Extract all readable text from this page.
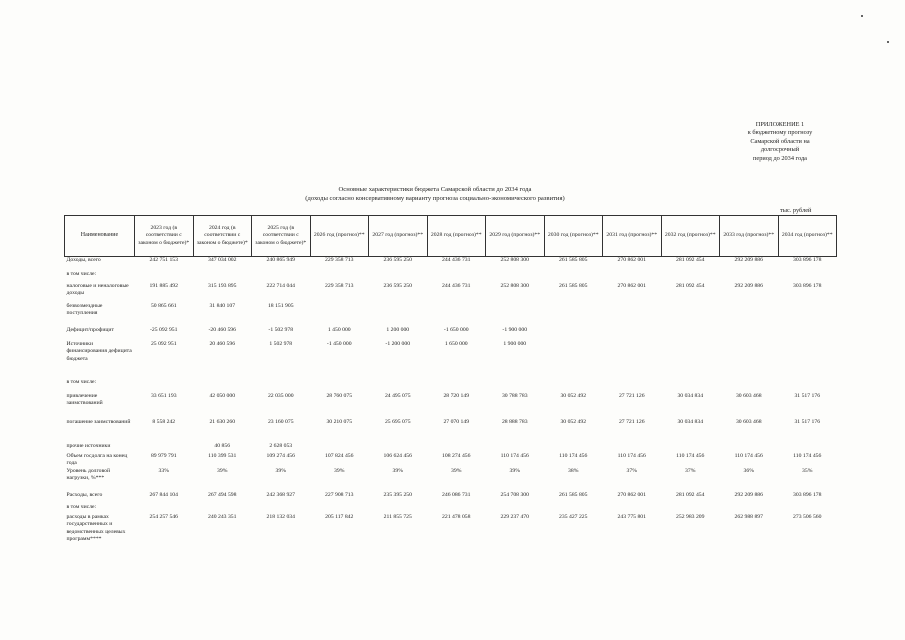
ПРИЛОЖЕНИЕ 1
к бюджетному прогнозу
Самарской области на
долгосрочный
период до 2034 года
Основные характеристики бюджета Самарской области до 2034 года
(доходы согласно консервативному варианту прогноза социально-экономического развития)
тыс. рублей
Наименование	2023 год (в соответствии с законом о бюджете)*	2024 год (в соответствии с законом о бюджете)*	2025 год (в соответствии с законом о бюджете)*	2026 год (прогноз)**	2027 год (прогноз)**	2028 год (прогноз)**	2029 год (прогноз)**	2030 год (прогноз)**	2031 год (прогноз)**	2032 год (прогноз)**	2033 год (прогноз)**	2034 год (прогноз)**
Доходы, всего	242 751 153	347 034 002	240 865 949	229 358 713	236 595 250	244 436 731	252 808 300	261 585 805	270 862 001	281 092 454	292 209 886	303 896 178
в том числе:												
налоговые и неналоговые доходы	191 885 492	315 193 895	222 714 044	229 358 713	236 595 250	244 436 731	252 808 300	261 585 805	270 862 001	281 092 454	292 209 886	303 896 178
безвозмездные поступления	50 865 661	31 840 107	18 151 905									
Дефицит/профицит	-25 092 951	-20 460 596	-1 502 978	1 450 000	1 200 000	-1 650 000	-1 900 000					
Источники финансирования дефицита бюджета	25 092 951	20 460 596	1 502 978	-1 450 000	-1 200 000	1 650 000	1 900 000					
в том числе:												
привлечение заимствований	33 651 193	42 050 000	22 035 000	28 760 075	24 495 075	28 720 149	30 788 783	30 052 492	27 721 126	30 034 834	30 603 468	31 517 176
погашение заимствований	8 558 242	21 630 260	23 160 075	30 210 075	25 695 075	27 070 149	28 888 783	30 052 492	27 721 126	30 034 834	30 603 468	31 517 176
прочие источники		40 856	2 628 053									
Объем госдолга на конец года	89 979 791	110 399 531	109 274 456	107 824 456	106 624 456	108 274 456	110 174 456	110 174 456	110 174 456	110 174 456	110 174 456	110 174 456
Уровень долговой нагрузки, %***	33%	39%	39%	39%	39%	39%	39%	38%	37%	37%	36%	35%
Расходы, всего	267 844 104	267 494 598	242 368 927	227 908 713	235 395 250	246 086 731	254 708 300	261 585 805	270 862 001	281 092 454	292 209 886	303 896 178
в том числе:												
расходы в рамках государственных и ведомственных целевых программ****	254 257 546	240 243 351	218 132 034	205 117 842	211 855 725	221 478 058	229 237 470	235 427 225	243 775 801	252 983 209	262 988 897	273 506 560
